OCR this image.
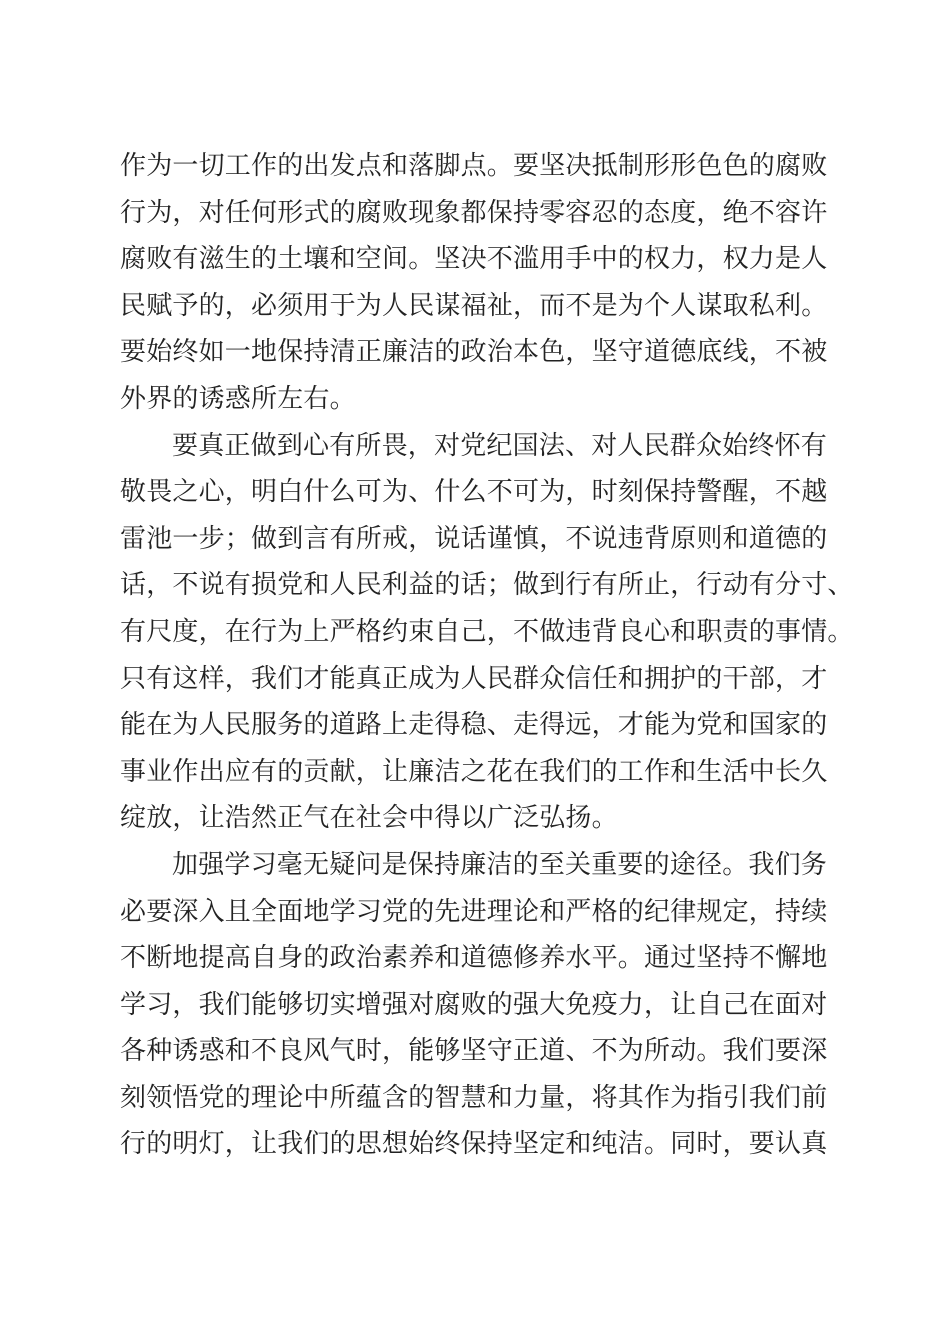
作为一切工作的出发点和落脚点。要坚决抵制形形色色的腐败
行为，对任何形式的腐败现象都保持零容忍的态度，绝不容许
腐败有滋生的土壤和空间。坚决不滥用手中的权力，权力是人
民赋予的，必须用于为人民谋福祉，而不是为个人谋取私利。
要始终如一地保持清正廉洁的政治本色，坚守道德底线，不被
外界的诱惑所左右。
要真正做到心有所畏，对党纪国法、对人民群众始终怀有
敬畏之心，明白什么可为、什么不可为，时刻保持警醒，不越
雷池一步；做到言有所戒，说话谨慎，不说违背原则和道德的
话，不说有损党和人民利益的话；做到行有所止，行动有分寸、
有尺度，在行为上严格约束自己，不做违背良心和职责的事情。
只有这样，我们才能真正成为人民群众信任和拥护的干部，才
能在为人民服务的道路上走得稳、走得远，才能为党和国家的
事业作出应有的贡献，让廉洁之花在我们的工作和生活中长久
绽放，让浩然正气在社会中得以广泛弘扬。
加强学习毫无疑问是保持廉洁的至关重要的途径。我们务
必要深入且全面地学习党的先进理论和严格的纪律规定，持续
不断地提高自身的政治素养和道德修养水平。通过坚持不懈地
学习，我们能够切实增强对腐败的强大免疫力，让自己在面对
各种诱惑和不良风气时，能够坚守正道、不为所动。我们要深
刻领悟党的理论中所蕴含的智慧和力量，将其作为指引我们前
行的明灯，让我们的思想始终保持坚定和纯洁。同时，要认真
